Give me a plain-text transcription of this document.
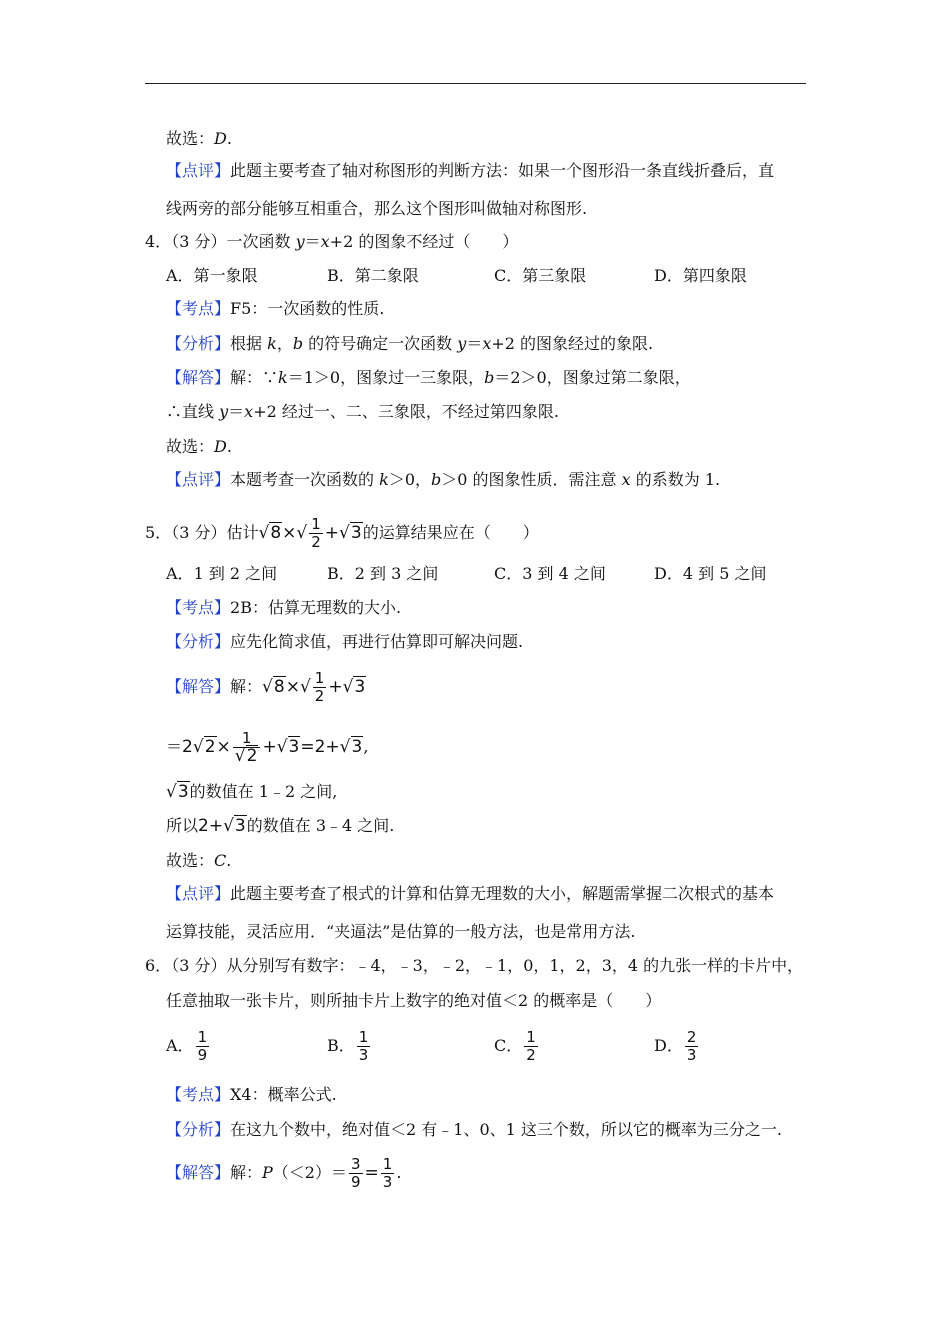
故选：D.
【点评】此题主要考查了轴对称图形的判断方法：如果一个图形沿一条直线折叠后，直
线两旁的部分能够互相重合，那么这个图形叫做轴对称图形.
4．（3 分）一次函数 y＝x+2 的图象不经过（　　）
A．第一象限	B．第二象限	C．第三象限	D．第四象限
【考点】F5：一次函数的性质.
【分析】根据 k，b 的符号确定一次函数 y＝x+2 的图象经过的象限.
【解答】解：∵k＝1＞0，图象过一三象限，b＝2＞0，图象过第二象限，
∴直线 y＝x+2 经过一、二、三象限，不经过第四象限.
故选：D.
【点评】本题考查一次函数的 k＞0，b＞0 的图象性质．需注意 x 的系数为 1.
5．（3 分）估计$√8\times√ \frac{1}{2} +√3$的运算结果应在（　　）
A．1 到 2 之间	B．2 到 3 之间	C．3 到 4 之间	D．4 到 5 之间
【考点】2B：估算无理数的大小.
【分析】应先化简求值，再进行估算即可解决问题.
【解答】解：$√8\times√ \frac{1}{2} +√3$
$=2√2\times \frac{1}{√2} +√3=2+√3$,
√3的数值在 1﹣2 之间,
所以2+√3的数值在 3﹣4 之间.
故选：C.
【点评】此题主要考查了根式的计算和估算无理数的大小，解题需掌握二次根式的基本
运算技能，灵活应用．“夹逼法”是估算的一般方法，也是常用方法.
6．（3 分）从分别写有数字：﹣4，﹣3，﹣2，﹣1，0，1，2，3，4 的九张一样的卡片中，
任意抽取一张卡片，则所抽卡片上数字的绝对值＜2 的概率是（　　）
A． $\frac{1}{9}$	B． $\frac{1}{3}$	C． $\frac{1}{2}$	D． $\frac{2}{3}$
【考点】X4：概率公式.
【分析】在这九个数中，绝对值＜2 有﹣1、0、1 这三个数，所以它的概率为三分之一.
【解答】解：$P(<2)= \frac{3}{9} = \frac{1}{3}$ .
